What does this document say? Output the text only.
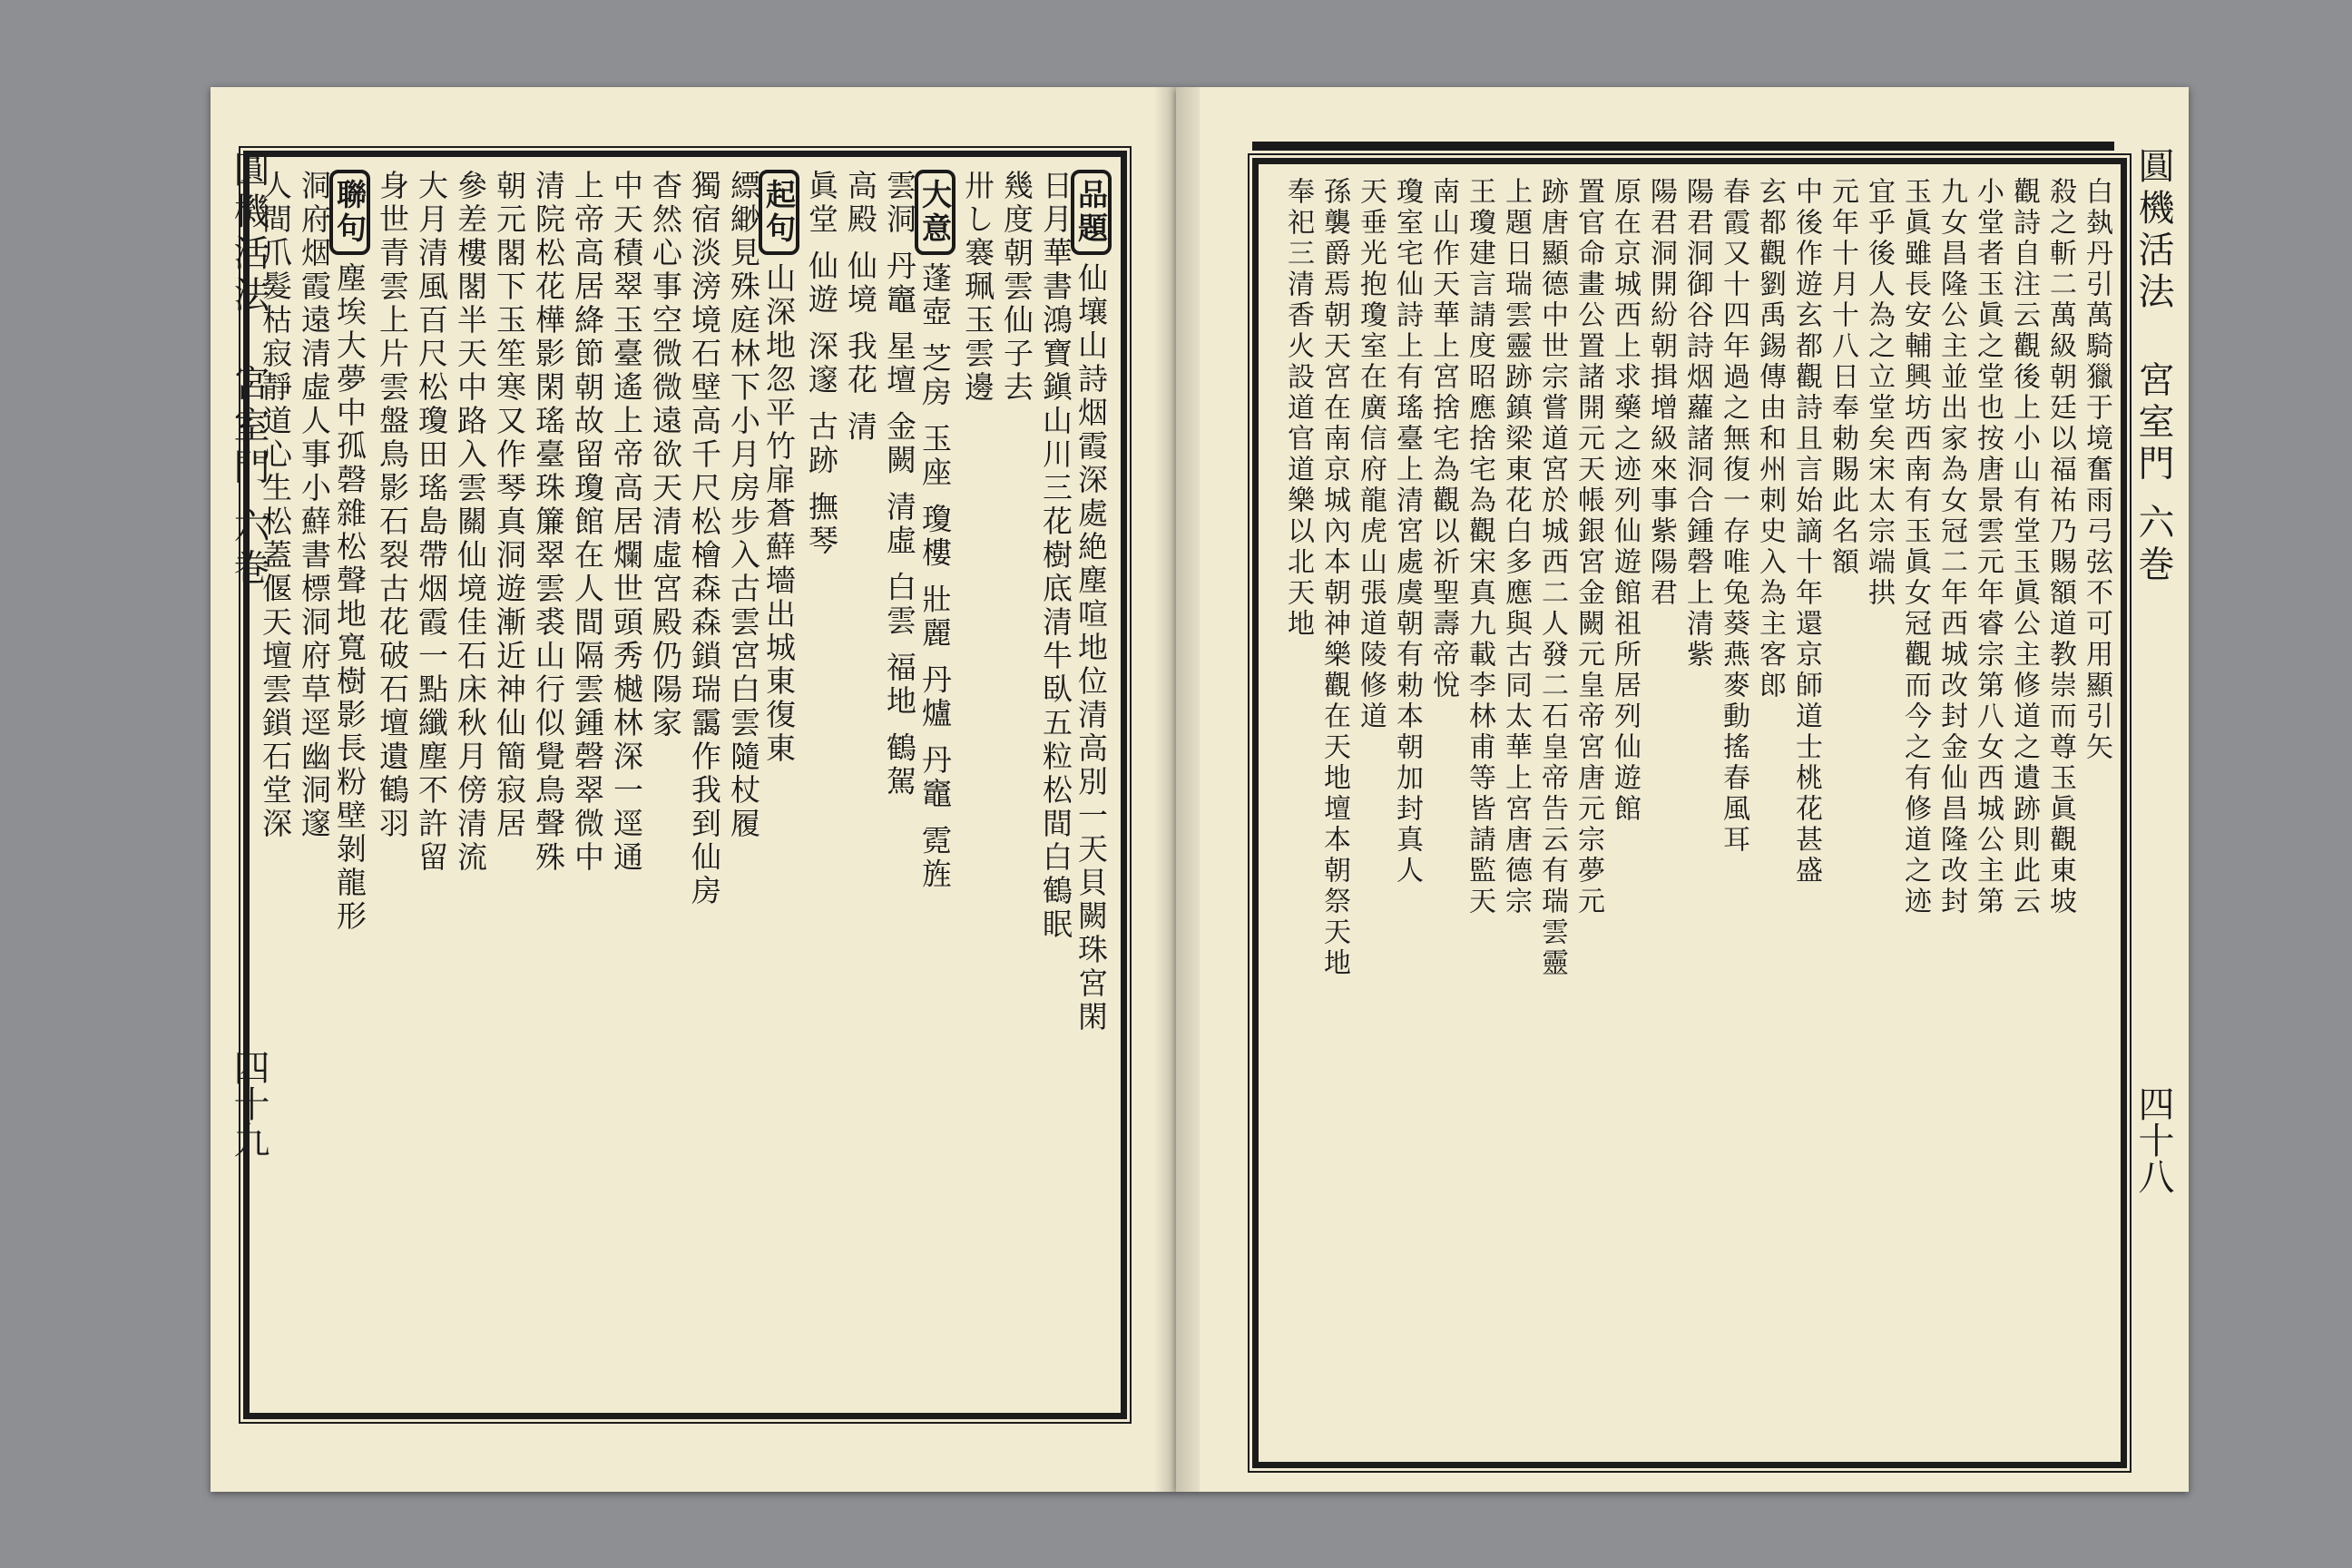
圓機活法  宮室門 六巻
四十九
品題仙壤山詩烟霞深處絶塵喧地位清高別一天貝闕珠宮閑
日月華書鴻寶鎭山川三花樹底清牛臥五粒松間白鶴眠
幾度朝雲仙子去
卅し褰珮玉雲邊
大意蓬壺 芝房 玉座 瓊樓 壯麗 丹爐 丹竈 霓旌
雲洞 丹竈 星壇 金闕 清虛 白雲 福地 鶴駕
高殿 仙境 我花 清
眞堂 仙遊 深邃 古跡 撫琴
起句山深地忽平竹扉蒼蘚墻出城東復東
縹緲見殊庭林下小月房步入古雲宮白雲隨杖履
獨宿淡滂境石壁高千尺松檜森森鎖瑞靄作我到仙房
杳然心事空微微遠欲天清虛宮殿仍陽家
中天積翠玉臺遙上帝高居爛世頭秀樾林深一逕通
上帝高居絳節朝故留瓊館在人間隔雲鍾磬翠微中
清院松花樺影閑瑤臺珠簾翠雲裘山行似覺鳥聲殊
朝元閣下玉笙寒又作琴真洞遊漸近神仙簡寂居
參差樓閣半天中路入雲關仙境佳石床秋月傍清流
大月清風百尺松瓊田瑤島帶烟霞一點纖塵不許留
身世青雲上片雲盤鳥影石裂古花破石壇遺鶴羽
聯句塵埃大夢中孤磬雜松聲地寬樹影長粉壁剝龍形
洞府烟霞遠清虛人事小蘚書標洞府草逕幽洞邃
人間爪髮枯寂靜道心生松蓋偃天壇雲鎖石堂深	圓機活法  宮室門 六巻
四十八
白埶丹引萬騎獵于境奮雨弓弦不可用顯引矢
殺之斬二萬級朝廷以福祐乃賜額道教崇而尊玉眞觀東坡
觀詩自注云觀後上小山有堂玉眞公主修道之遺跡則此云
小堂者玉眞之堂也按唐景雲元年睿宗第八女西城公主第
九女昌隆公主並出家為女冠二年西城改封金仙昌隆改封
玉眞雖長安輔興坊西南有玉眞女冠觀而今之有修道之迹
宜乎後人為之立堂矣宋太宗端拱
元年十月十八日奉勅賜此名額
中後作遊玄都觀詩且言始謫十年還京師道士桃花甚盛
玄都觀劉禹錫傳由和州刺史入為主客郎
春霞又十四年過之無復一存唯兔葵燕麥動搖春風耳
陽君洞御谷詩烟蘿諸洞合鍾磬上清紫
陽君洞開紛朝揖增級來事紫陽君
原在京城西上求藥之迹列仙遊館祖所居列仙遊館
置官命畫公置諸開元天帳銀宮金闕元皇帝宮唐元宗夢元
跡唐顯德中世宗嘗道宮於城西二人發二石皇帝告云有瑞雲靈
上題日瑞雲靈跡鎮梁東花白多應與古同太華上宮唐德宗
王瓊建言請度昭應捨宅為觀宋真九載李林甫等皆請監天
南山作天華上宮捨宅為觀以祈聖壽帝悅
瓊室宅仙詩上有瑤臺上清宮處虞朝有勅本朝加封真人
天垂光抱瓊室在廣信府龍虎山張道陵修道
孫襲爵焉朝天宮在南京城內本朝神樂觀在天地壇本朝祭天地
奉祀三清香火設道官道樂以北天地
